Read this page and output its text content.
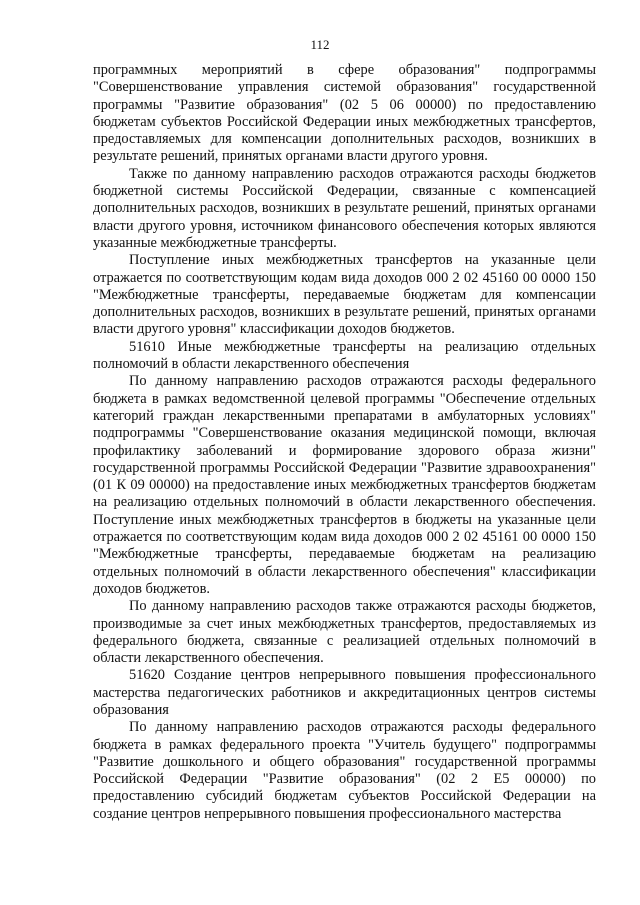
112

программных мероприятий в сфере образования" подпрограммы "Совершенствование управления системой образования" государственной программы "Развитие образования" (02 5 06 00000) по предоставлению бюджетам субъектов Российской Федерации иных межбюджетных трансфертов, предоставляемых для компенсации дополнительных расходов, возникших в результате решений, принятых органами власти другого уровня.

Также по данному направлению расходов отражаются расходы бюджетов бюджетной системы Российской Федерации, связанные с компенсацией дополнительных расходов, возникших в результате решений, принятых органами власти другого уровня, источником финансового обеспечения которых являются указанные межбюджетные трансферты.

Поступление иных межбюджетных трансфертов на указанные цели отражается по соответствующим кодам вида доходов 000 2 02 45160 00 0000 150 "Межбюджетные трансферты, передаваемые бюджетам для компенсации дополнительных расходов, возникших в результате решений, принятых органами власти другого уровня" классификации доходов бюджетов.

51610 Иные межбюджетные трансферты на реализацию отдельных полномочий в области лекарственного обеспечения

По данному направлению расходов отражаются расходы федерального бюджета в рамках ведомственной целевой программы "Обеспечение отдельных категорий граждан лекарственными препаратами в амбулаторных условиях" подпрограммы "Совершенствование оказания медицинской помощи, включая профилактику заболеваний и формирование здорового образа жизни" государственной программы Российской Федерации "Развитие здравоохранения" (01 К 09 00000) на предоставление иных межбюджетных трансфертов бюджетам на реализацию отдельных полномочий в области лекарственного обеспечения. Поступление иных межбюджетных трансфертов в бюджеты на указанные цели отражается по соответствующим кодам вида доходов 000 2 02 45161 00 0000 150 "Межбюджетные трансферты, передаваемые бюджетам на реализацию отдельных полномочий в области лекарственного обеспечения" классификации доходов бюджетов.

По данному направлению расходов также отражаются расходы бюджетов, производимые за счет иных межбюджетных трансфертов, предоставляемых из федерального бюджета, связанные с реализацией отдельных полномочий в области лекарственного обеспечения.

51620 Создание центров непрерывного повышения профессионального мастерства педагогических работников и аккредитационных центров системы образования

По данному направлению расходов отражаются расходы федерального бюджета в рамках федерального проекта "Учитель будущего" подпрограммы "Развитие дошкольного и общего образования" государственной программы Российской Федерации "Развитие образования" (02 2 E5 00000) по предоставлению субсидий бюджетам субъектов Российской Федерации на создание центров непрерывного повышения профессионального мастерства
